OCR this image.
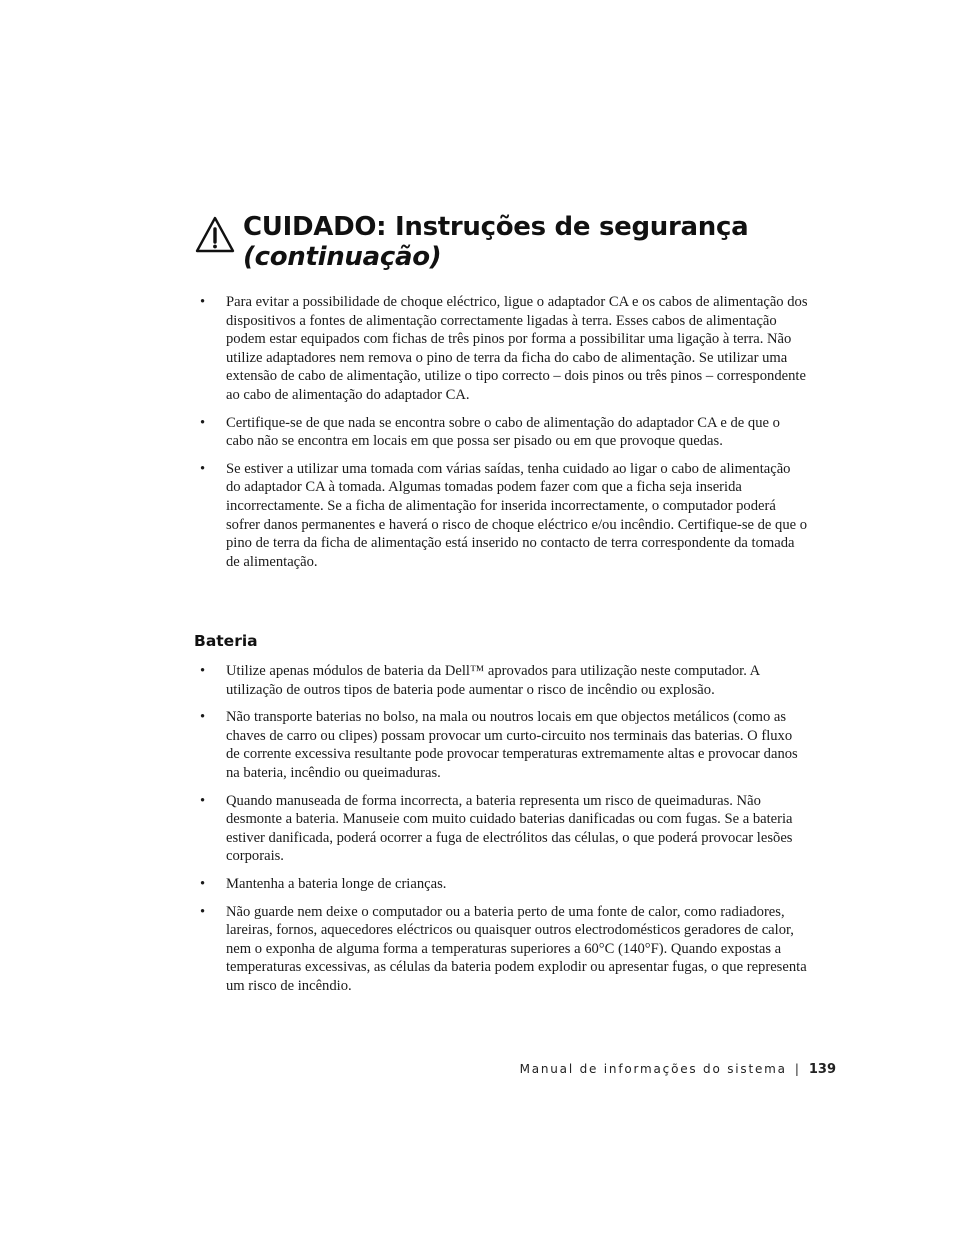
CUIDADO: Instruções de segurança
(continuação)
• Para evitar a possibilidade de choque eléctrico, ligue o adaptador CA e os cabos de alimentação dos dispositivos a fontes de alimentação correctamente ligadas à terra. Esses cabos de alimentação podem estar equipados com fichas de três pinos por forma a possibilitar uma ligação à terra. Não utilize adaptadores nem remova o pino de terra da ficha do cabo de alimentação. Se utilizar uma extensão de cabo de alimentação, utilize o tipo correcto – dois pinos ou três pinos – correspondente ao cabo de alimentação do adaptador CA.
• Certifique-se de que nada se encontra sobre o cabo de alimentação do adaptador CA e de que o cabo não se encontra em locais em que possa ser pisado ou em que provoque quedas.
• Se estiver a utilizar uma tomada com várias saídas, tenha cuidado ao ligar o cabo de alimentação do adaptador CA à tomada. Algumas tomadas podem fazer com que a ficha seja inserida incorrectamente. Se a ficha de alimentação for inserida incorrectamente, o computador poderá sofrer danos permanentes e haverá o risco de choque eléctrico e/ou incêndio. Certifique-se de que o pino de terra da ficha de alimentação está inserido no contacto de terra correspondente da tomada de alimentação.
Bateria
• Utilize apenas módulos de bateria da Dell™ aprovados para utilização neste computador. A utilização de outros tipos de bateria pode aumentar o risco de incêndio ou explosão.
• Não transporte baterias no bolso, na mala ou noutros locais em que objectos metálicos (como as chaves de carro ou clipes) possam provocar um curto-circuito nos terminais das baterias. O fluxo de corrente excessiva resultante pode provocar temperaturas extremamente altas e provocar danos na bateria, incêndio ou queimaduras.
• Quando manuseada de forma incorrecta, a bateria representa um risco de queimaduras. Não desmonte a bateria. Manuseie com muito cuidado baterias danificadas ou com fugas. Se a bateria estiver danificada, poderá ocorrer a fuga de electrólitos das células, o que poderá provocar lesões corporais.
• Mantenha a bateria longe de crianças.
• Não guarde nem deixe o computador ou a bateria perto de uma fonte de calor, como radiadores, lareiras, fornos, aquecedores eléctricos ou quaisquer outros electrodomésticos geradores de calor, nem o exponha de alguma forma a temperaturas superiores a 60°C (140°F). Quando expostas a temperaturas excessivas, as células da bateria podem explodir ou apresentar fugas, o que representa um risco de incêndio.
Manual de informações do sistema | 139
